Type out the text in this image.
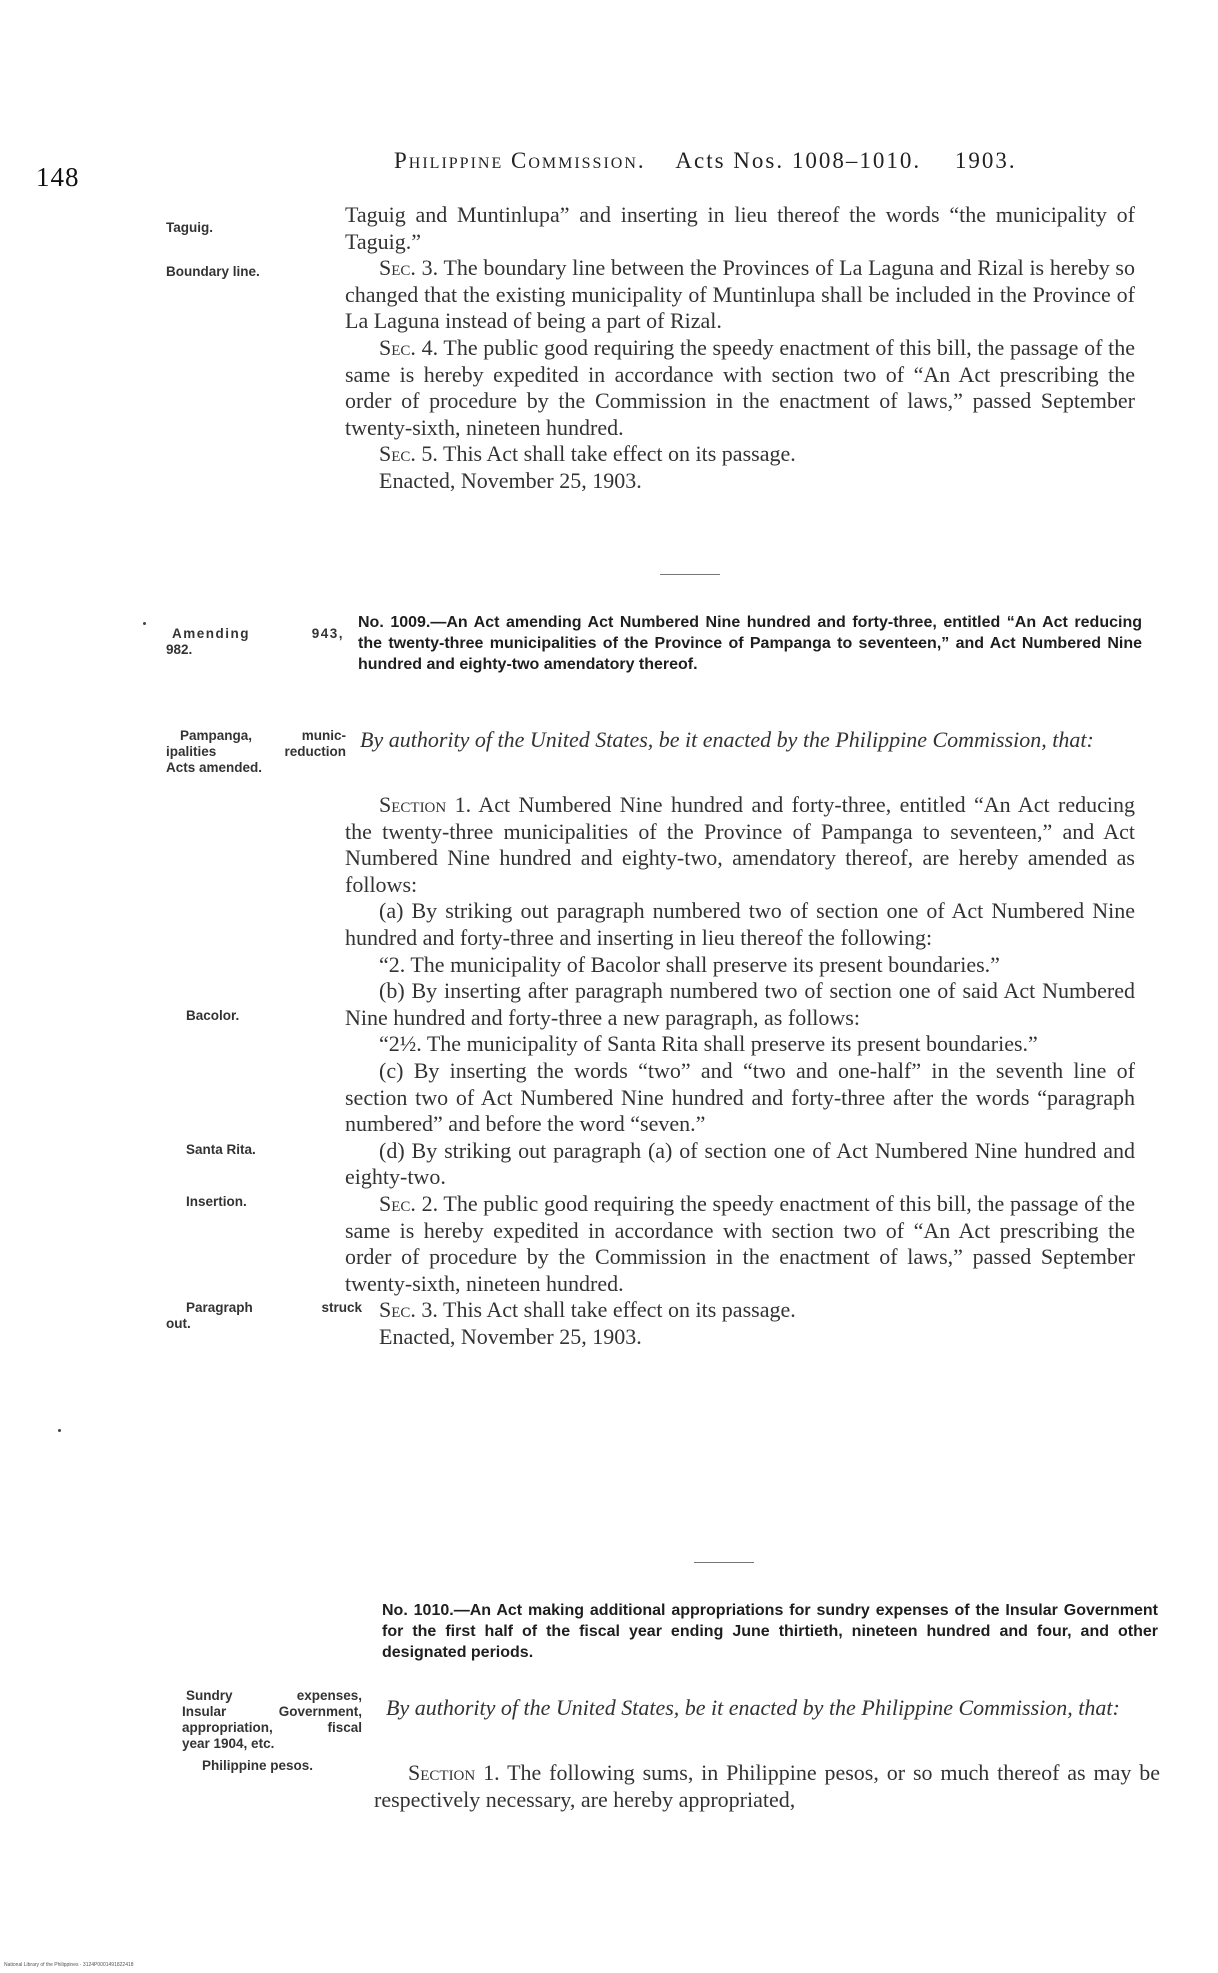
148
Philippine Commission. Acts Nos. 1008–1010. 1903.
Taguig.
Boundary line.
Amending 943,
982.
Pampanga, munic-
ipalities reduction
Acts amended.
Bacolor.
Santa Rita.
Insertion.
Paragraph struck
out.
Sundry expenses,
Insular Government,
appropriation, fiscal
year 1904, etc.
Philippine pesos.

Taguig and Muntinlupa” and inserting in lieu thereof the words “the municipality of Taguig.”

Sec. 3. The boundary line between the Provinces of La Laguna and Rizal is hereby so changed that the existing municipality of Muntinlupa shall be included in the Province of La Laguna instead of being a part of Rizal.

Sec. 4. The public good requiring the speedy enactment of this bill, the passage of the same is hereby expedited in accordance with section two of “An Act prescribing the order of procedure by the Commission in the enactment of laws,” passed September twenty-sixth, nineteen hundred.

Sec. 5. This Act shall take effect on its passage.

Enacted, November 25, 1903.

No. 1009.—An Act amending Act Numbered Nine hundred and forty-three, entitled “An Act reducing the twenty-three municipalities of the Province of Pampanga to seventeen,” and Act Numbered Nine hundred and eighty-two amendatory thereof.
By authority of the United States, be it enacted by the Philippine Commission, that:

Section 1. Act Numbered Nine hundred and forty-three, entitled “An Act reducing the twenty-three municipalities of the Province of Pampanga to seventeen,” and Act Numbered Nine hundred and eighty-two, amendatory thereof, are hereby amended as follows:

(a) By striking out paragraph numbered two of section one of Act Numbered Nine hundred and forty-three and inserting in lieu thereof the following:

“2. The municipality of Bacolor shall preserve its present boundaries.”

(b) By inserting after paragraph numbered two of section one of said Act Numbered Nine hundred and forty-three a new paragraph, as follows:

“2½. The municipality of Santa Rita shall preserve its present boundaries.”

(c) By inserting the words “two” and “two and one-half” in the seventh line of section two of Act Numbered Nine hundred and forty-three after the words “paragraph numbered” and before the word “seven.”

(d) By striking out paragraph (a) of section one of Act Numbered Nine hundred and eighty-two.

Sec. 2. The public good requiring the speedy enactment of this bill, the passage of the same is hereby expedited in accordance with section two of “An Act prescribing the order of procedure by the Commission in the enactment of laws,” passed September twenty-sixth, nineteen hundred.

Sec. 3. This Act shall take effect on its passage.

Enacted, November 25, 1903.

No. 1010.—An Act making additional appropriations for sundry expenses of the Insular Government for the first half of the fiscal year ending June thirtieth, nineteen hundred and four, and other designated periods.
By authority of the United States, be it enacted by the Philippine Commission, that:

Section 1. The following sums, in Philippine pesos, or so much thereof as may be respectively necessary, are hereby appropriated,

National Library of the Philippines · 3124P0001491822418
